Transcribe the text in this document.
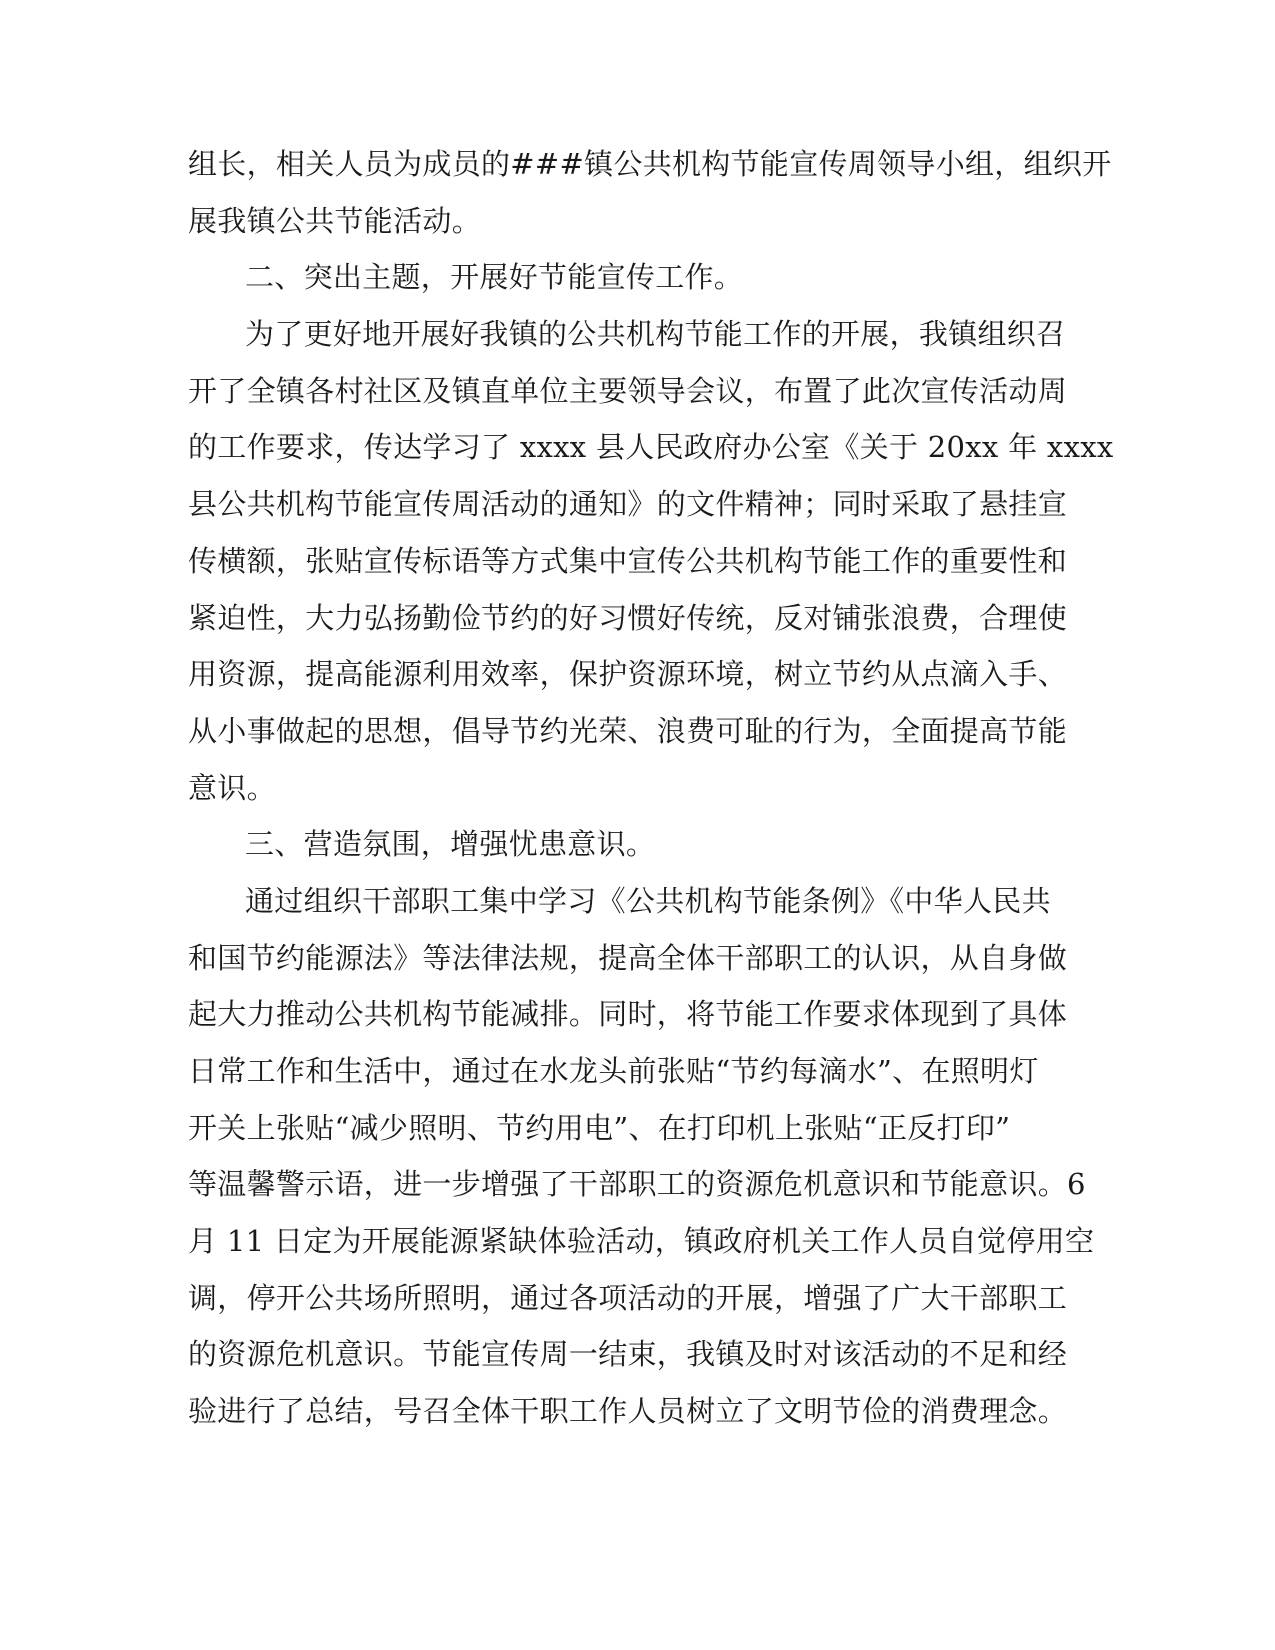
组长，相关人员为成员的###镇公共机构节能宣传周领导小组，组织开
展我镇公共节能活动。
二、突出主题，开展好节能宣传工作。
为了更好地开展好我镇的公共机构节能工作的开展，我镇组织召
开了全镇各村社区及镇直单位主要领导会议，布置了此次宣传活动周
的工作要求，传达学习了 xxxx 县人民政府办公室《关于 20xx 年 xxxx
县公共机构节能宣传周活动的通知》的文件精神；同时采取了悬挂宣
传横额，张贴宣传标语等方式集中宣传公共机构节能工作的重要性和
紧迫性，大力弘扬勤俭节约的好习惯好传统，反对铺张浪费，合理使
用资源，提高能源利用效率，保护资源环境，树立节约从点滴入手、
从小事做起的思想，倡导节约光荣、浪费可耻的行为，全面提高节能
意识。
三、营造氛围，增强忧患意识。
通过组织干部职工集中学习《公共机构节能条例》《中华人民共
和国节约能源法》等法律法规，提高全体干部职工的认识，从自身做
起大力推动公共机构节能减排。同时，将节能工作要求体现到了具体
日常工作和生活中，通过在水龙头前张贴“节约每滴水”、在照明灯
开关上张贴“减少照明、节约用电”、在打印机上张贴“正反打印”
等温馨警示语，进一步增强了干部职工的资源危机意识和节能意识。6
月 11 日定为开展能源紧缺体验活动，镇政府机关工作人员自觉停用空
调，停开公共场所照明，通过各项活动的开展，增强了广大干部职工
的资源危机意识。节能宣传周一结束，我镇及时对该活动的不足和经
验进行了总结，号召全体干职工作人员树立了文明节俭的消费理念。
